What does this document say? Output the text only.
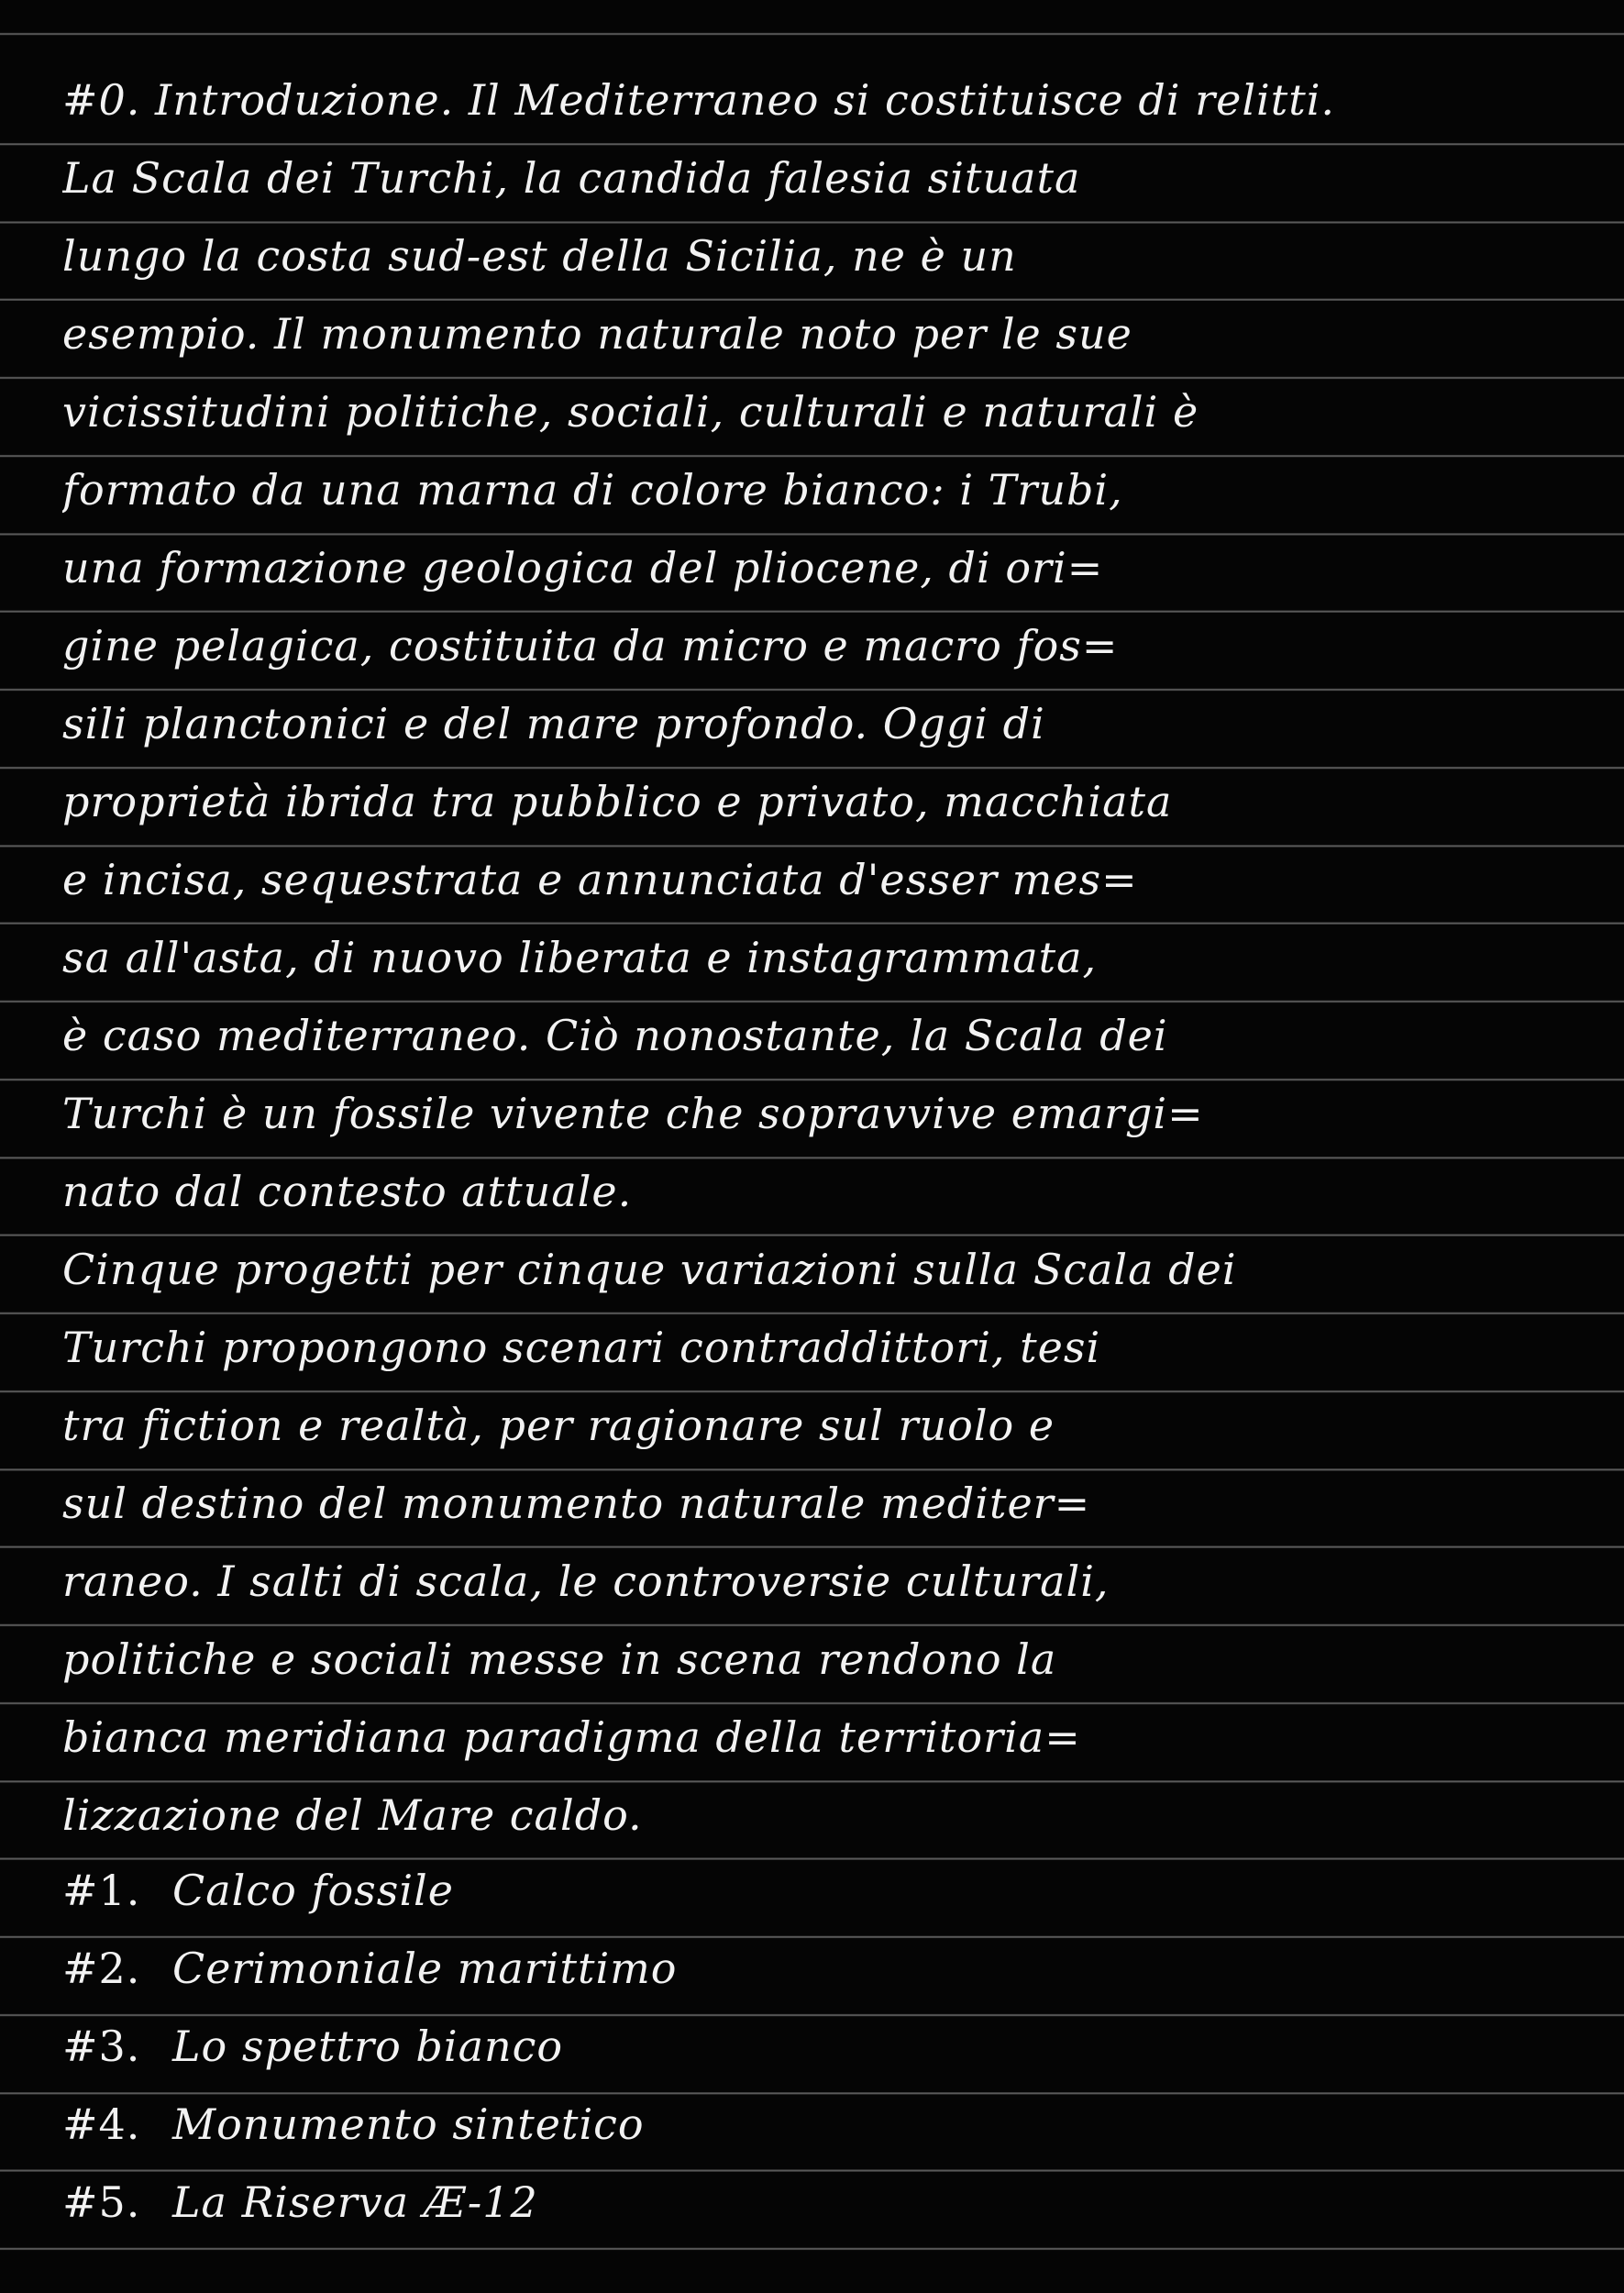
#0. Introduzione. Il Mediterraneo si costituisce di relitti.
La Scala dei Turchi, la candida falesia situata
lungo la costa sud-est della Sicilia, ne è un
esempio. Il monumento naturale noto per le sue
vicissitudini politiche, sociali, culturali e naturali è
formato da una marna di colore bianco: i Trubi,
una formazione geologica del pliocene, di ori=
gine pelagica, costituita da micro e macro fos=
sili planctonici e del mare profondo. Oggi di
proprietà ibrida tra pubblico e privato, macchiata
e incisa, sequestrata e annunciata d'esser mes=
sa all'asta, di nuovo liberata e instagrammata,
è caso mediterraneo. Ciò nonostante, la Scala dei
Turchi è un fossile vivente che sopravvive emargi=
nato dal contesto attuale.
Cinque progetti per cinque variazioni sulla Scala dei
Turchi propongono scenari contraddittori, tesi
tra fiction e realtà, per ragionare sul ruolo e
sul destino del monumento naturale mediter=
raneo. I salti di scala, le controversie culturali,
politiche e sociali messe in scena rendono la
bianca meridiana paradigma della territoria=
lizzazione del Mare caldo.
#1. Calco fossile
#2. Cerimoniale marittimo
#3. Lo spettro bianco
#4. Monumento sintetico
#5. La Riserva Æ-12
